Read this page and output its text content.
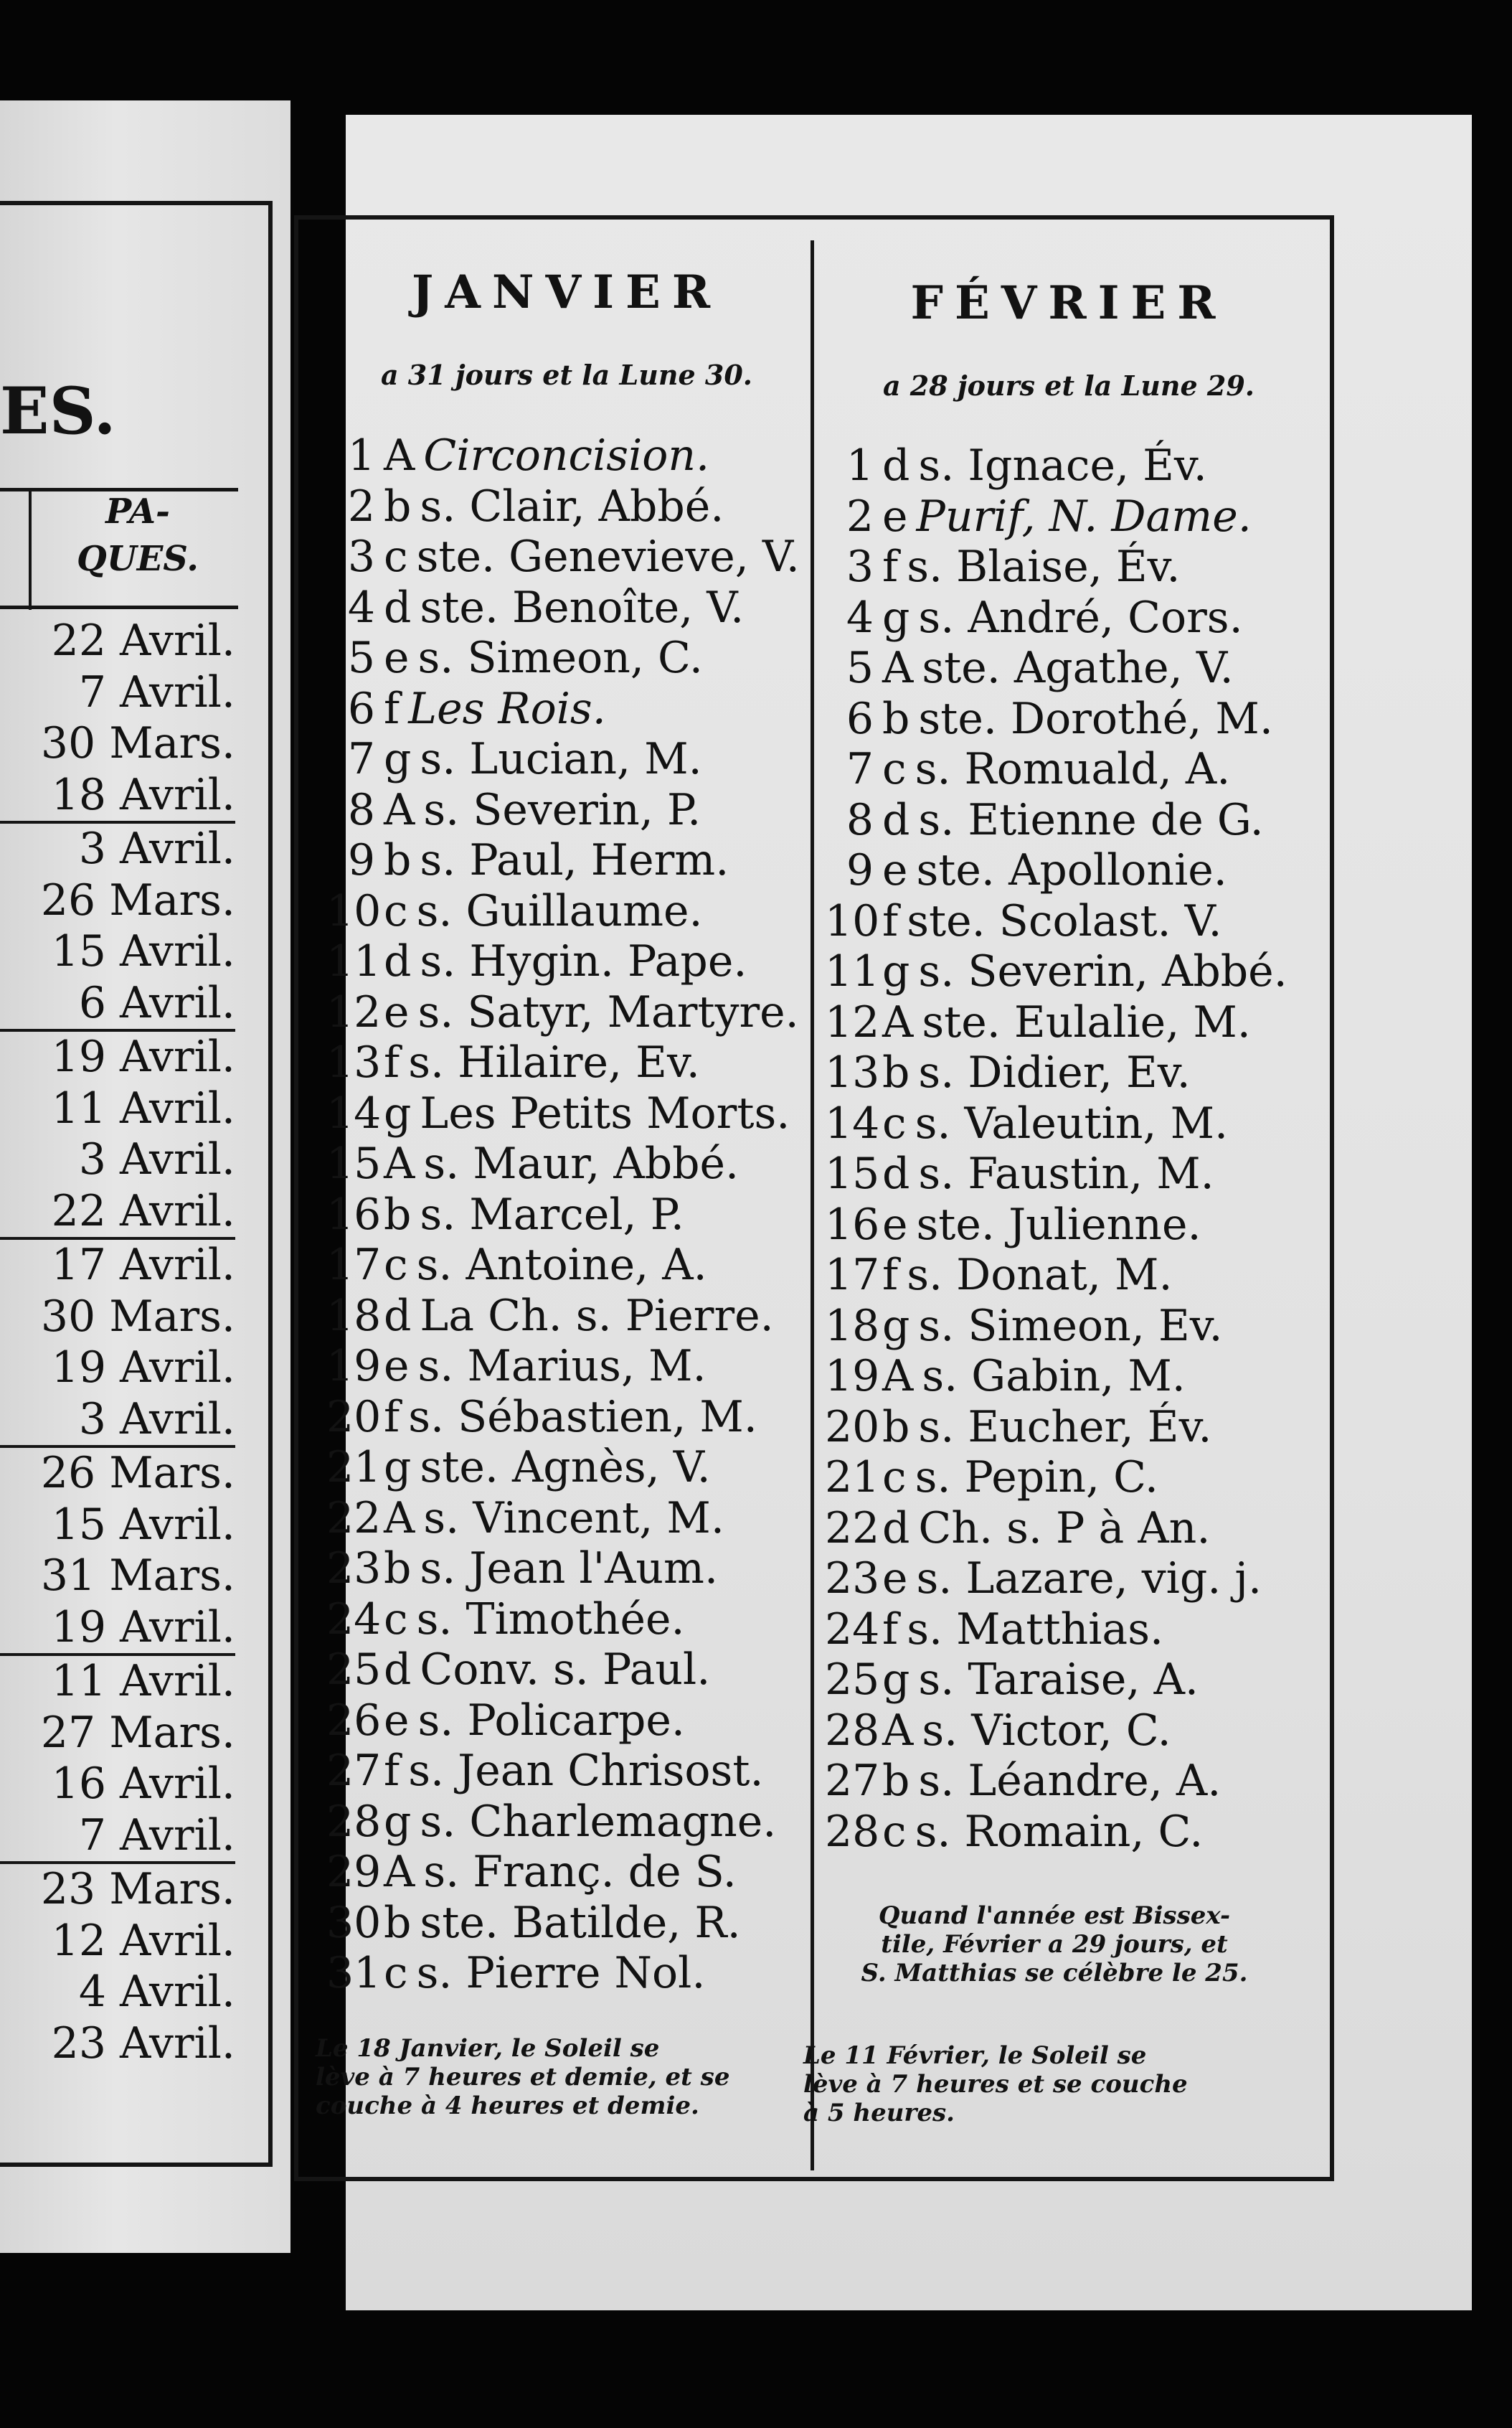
ES.
PA-
QUES.
22 Avril.
7 Avril.
30 Mars.
18 Avril.
3 Avril.
26 Mars.
15 Avril.
6 Avril.
19 Avril.
11 Avril.
3 Avril.
22 Avril.
17 Avril.
30 Mars.
19 Avril.
3 Avril.
26 Mars.
15 Avril.
31 Mars.
19 Avril.
11 Avril.
27 Mars.
16 Avril.
7 Avril.
23 Mars.
12 Avril.
4 Avril.
23 Avril.
JANVIER
a 31 jours et la Lune 30.
1 A Circoncision.
2 b s. Clair, Abbé.
3 c ste. Genevieve, V.
4 d ste. Benoîte, V.
5 e s. Simeon, C.
6 f Les Rois.
7 g s. Lucian, M.
8 A s. Severin, P.
9 b s. Paul, Herm.
10c s. Guillaume.
11d s. Hygin. Pape.
12e s. Satyr, Martyre.
13f s. Hilaire, Ev.
14g Les Petits Morts.
15A s. Maur, Abbé.
16b s. Marcel, P.
17c s. Antoine, A.
18d La Ch. s. Pierre.
19e s. Marius, M.
20f s. Sébastien, M.
21g ste. Agnès, V.
22A s. Vincent, M.
23b s. Jean l'Aum.
24c s. Timothée.
25d Conv. s. Paul.
26e s. Policarpe.
27f s. Jean Chrisost.
28g s. Charlemagne.
29A s. Franç. de S.
30b ste. Batilde, R.
31c s. Pierre Nol.
Le 18 Janvier, le Soleil se
lève à 7 heures et demie, et se
couche à 4 heures et demie.
FÉVRIER
a 28 jours et la Lune 29.
1 d s. Ignace, Év.
2 e Purif, N. Dame.
3 f s. Blaise, Év.
4 g s. André, Cors.
5 A ste. Agathe, V.
6 b ste. Dorothé, M.
7 c s. Romuald, A.
8 d s. Etienne de G.
9 e ste. Apollonie.
10f ste. Scolast. V.
11g s. Severin, Abbé.
12A ste. Eulalie, M.
13b s. Didier, Ev.
14c s. Valeutin, M.
15d s. Faustin, M.
16e ste. Julienne.
17f s. Donat, M.
18g s. Simeon, Ev.
19A s. Gabin, M.
20b s. Eucher, Év.
21c s. Pepin, C.
22d Ch. s. P à An.
23e s. Lazare, vig. j.
24f s. Matthias.
25g s. Taraise, A.
28A s. Victor, C.
27b s. Léandre, A.
28c s. Romain, C.
Quand l'année est Bissex-
tile, Février a 29 jours, et
S. Matthias se célèbre le 25.
Le 11 Février, le Soleil se
lève à 7 heures et se couche
à 5 heures.
